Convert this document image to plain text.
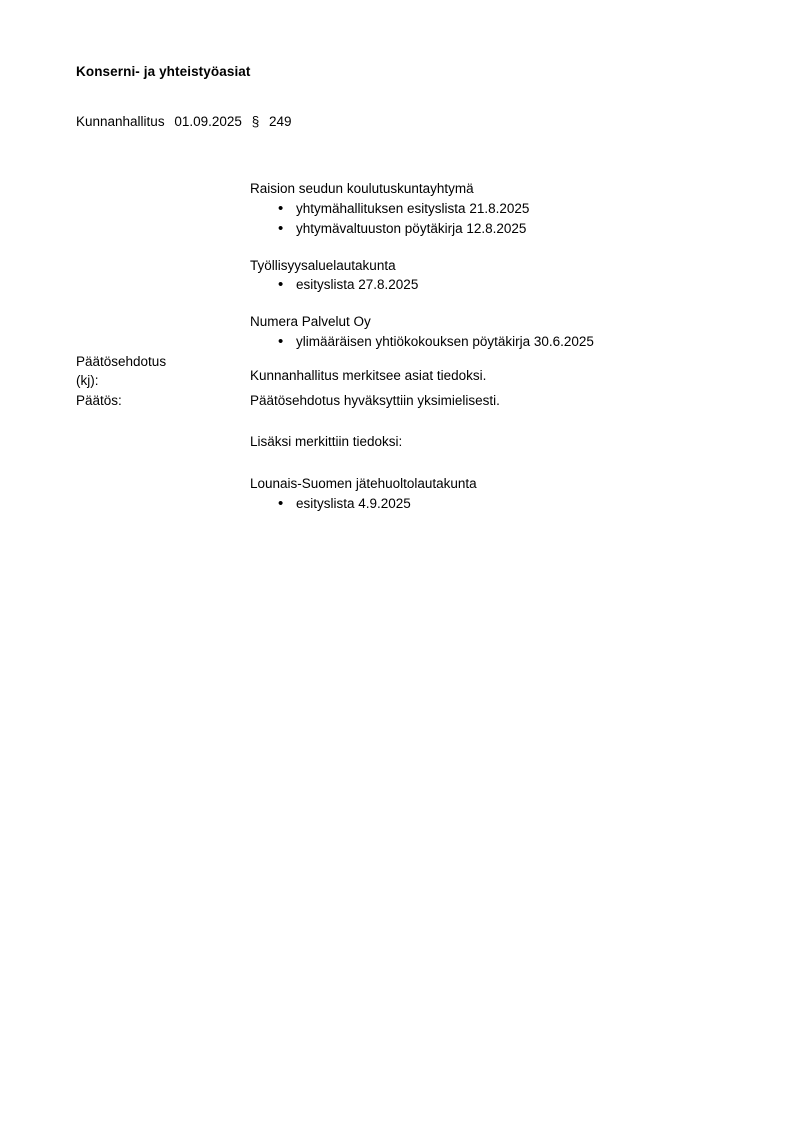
Konserni- ja yhteistyöasiat
Kunnanhallitus 01.09.2025 § 249
Raision seudun koulutuskuntayhtymä
• yhtymähallituksen esityslista 21.8.2025
• yhtymävaltuuston pöytäkirja 12.8.2025
Työllisyysaluelautakunta
• esityslista 27.8.2025
Numera Palvelut Oy
• ylimääräisen yhtiökokouksen pöytäkirja 30.6.2025
Päätösehdotus
(kj):	Kunnanhallitus merkitsee asiat tiedoksi.
Päätös:	Päätösehdotus hyväksyttiin yksimielisesti.
Lisäksi merkittiin tiedoksi:
Lounais-Suomen jätehuoltolautakunta
• esityslista 4.9.2025
